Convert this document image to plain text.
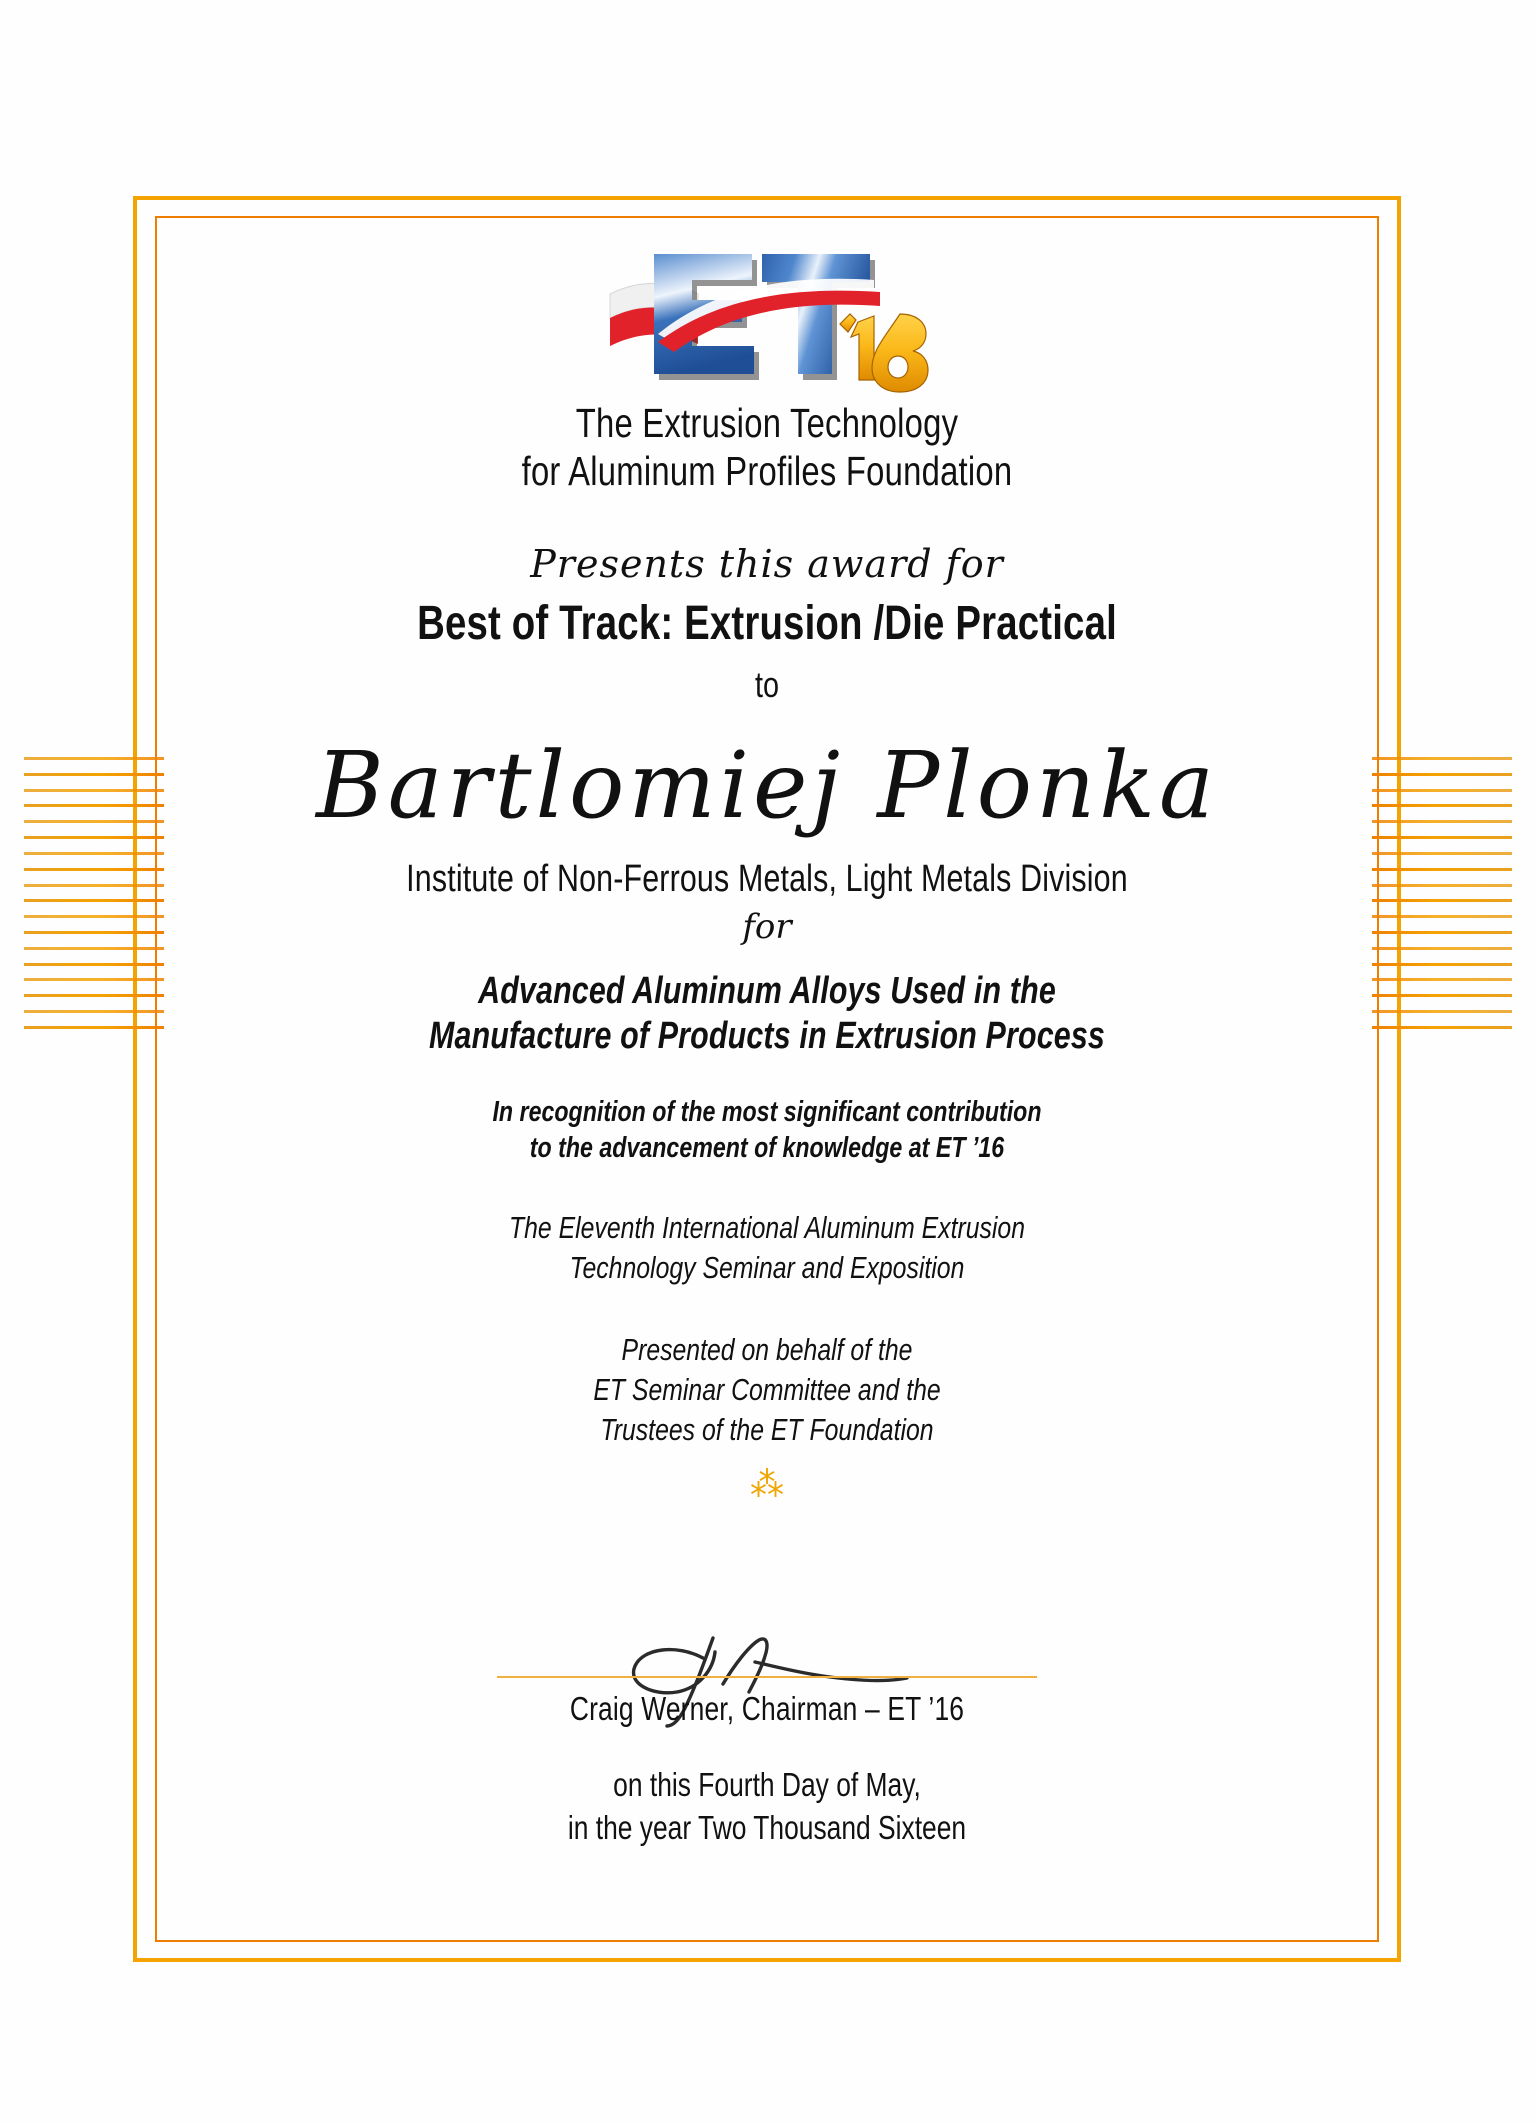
The Extrusion Technology
for Aluminum Profiles Foundation
Presents this award for
Best of Track: Extrusion /Die Practical
to
Bartlomiej Plonka
Institute of Non-Ferrous Metals, Light Metals Division
for
Advanced Aluminum Alloys Used in the
Manufacture of Products in Extrusion Process
In recognition of the most significant contribution
to the advancement of knowledge at ET ’16
The Eleventh International Aluminum Extrusion
Technology Seminar and Exposition
Presented on behalf of the
ET Seminar Committee and the
Trustees of the ET Foundation
⁂
Craig Werner, Chairman – ET ’16
on this Fourth Day of May,
in the year Two Thousand Sixteen
